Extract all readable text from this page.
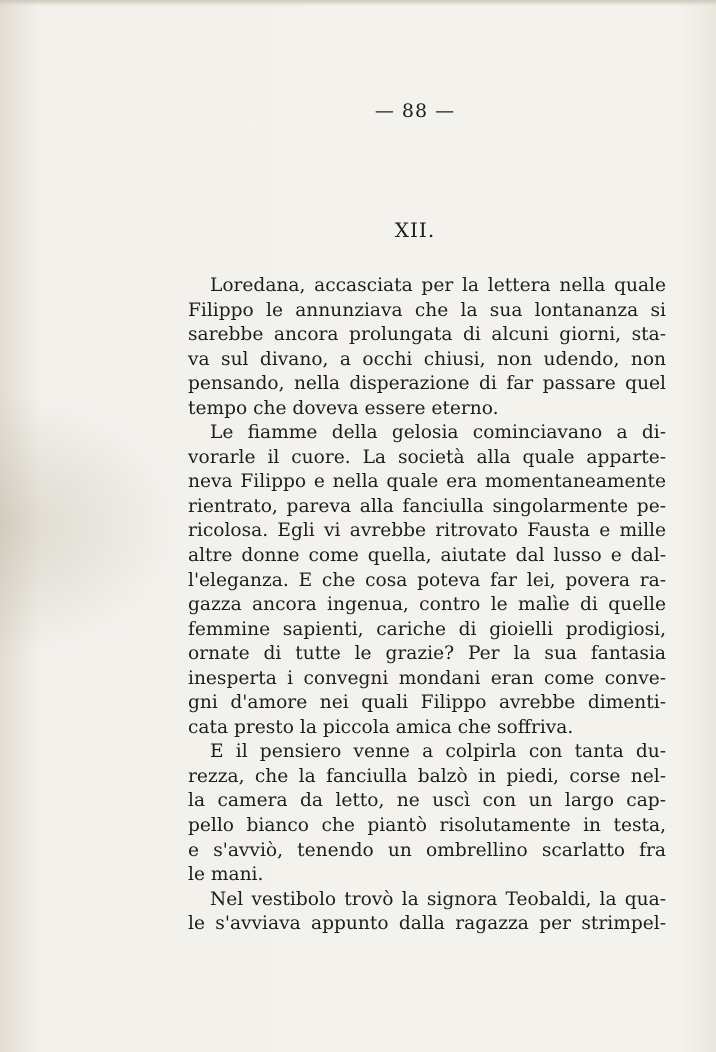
— 88 —
XII.
Loredana, accasciata per la lettera nella quale
Filippo le annunziava che la sua lontananza si
sarebbe ancora prolungata di alcuni giorni, sta-
va sul divano, a occhi chiusi, non udendo, non
pensando, nella disperazione di far passare quel
tempo che doveva essere eterno.
Le fiamme della gelosia cominciavano a di-
vorarle il cuore. La società alla quale apparte-
neva Filippo e nella quale era momentaneamente
rientrato, pareva alla fanciulla singolarmente pe-
ricolosa. Egli vi avrebbe ritrovato Fausta e mille
altre donne come quella, aiutate dal lusso e dal-
l'eleganza. E che cosa poteva far lei, povera ra-
gazza ancora ingenua, contro le malìe di quelle
femmine sapienti, cariche di gioielli prodigiosi,
ornate di tutte le grazie? Per la sua fantasia
inesperta i convegni mondani eran come conve-
gni d'amore nei quali Filippo avrebbe dimenti-
cata presto la piccola amica che soffriva.
E il pensiero venne a colpirla con tanta du-
rezza, che la fanciulla balzò in piedi, corse nel-
la camera da letto, ne uscì con un largo cap-
pello bianco che piantò risolutamente in testa,
e s'avviò, tenendo un ombrellino scarlatto fra
le mani.
Nel vestibolo trovò la signora Teobaldi, la qua-
le s'avviava appunto dalla ragazza per strimpel-
